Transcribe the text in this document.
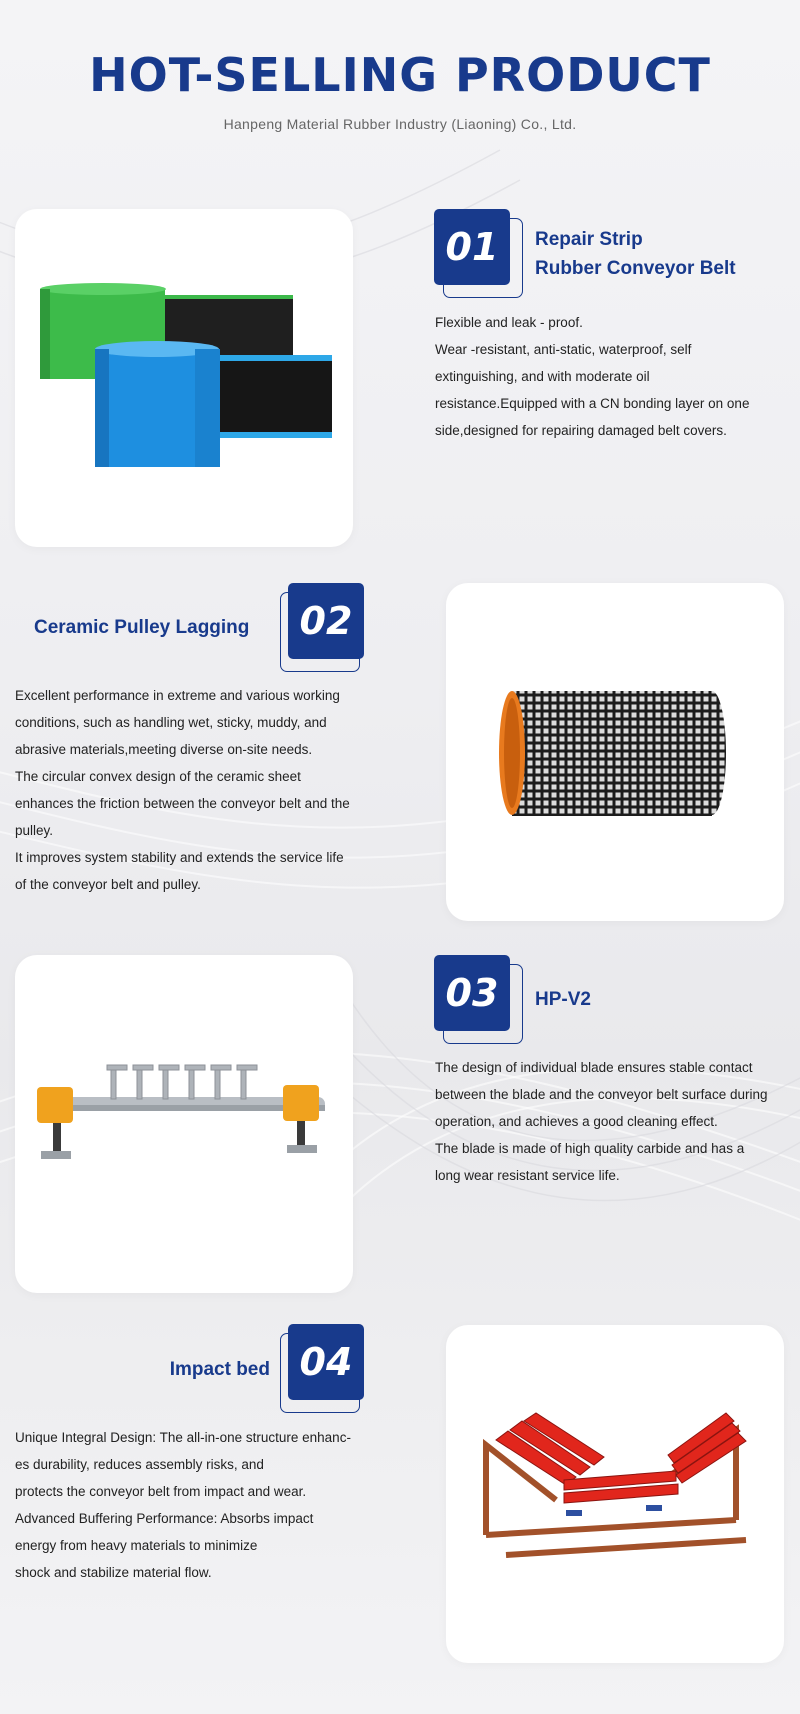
HOT-SELLING PRODUCT
Hanpeng Material Rubber Industry (Liaoning) Co., Ltd.
01	Repair Strip
Rubber Conveyor Belt
Flexible and leak - proof.
Wear -resistant, anti-static, waterproof, self
extinguishing, and with moderate oil
resistance.Equipped with a CN bonding layer on one
side,designed for repairing damaged belt covers.
Ceramic Pulley Lagging	02
Excellent performance in extreme and various working
conditions, such as handling wet, sticky, muddy, and
abrasive materials,meeting diverse on-site needs.
The circular convex design of the ceramic sheet
enhances the friction between the conveyor belt and the
pulley.
It improves system stability and extends the service life
of the conveyor belt and pulley.
03	HP-V2
The design of individual blade ensures stable contact
between the blade and the conveyor belt surface during
operation, and achieves a good cleaning effect.
The blade is made of high quality carbide and has a
long wear resistant service life.
Impact bed 04
Unique Integral Design: The all-in-one structure enhanc-
es durability, reduces assembly risks, and
protects the conveyor belt from impact and wear.
Advanced Buffering Performance: Absorbs impact
energy from heavy materials to minimize
shock and stabilize material flow.
